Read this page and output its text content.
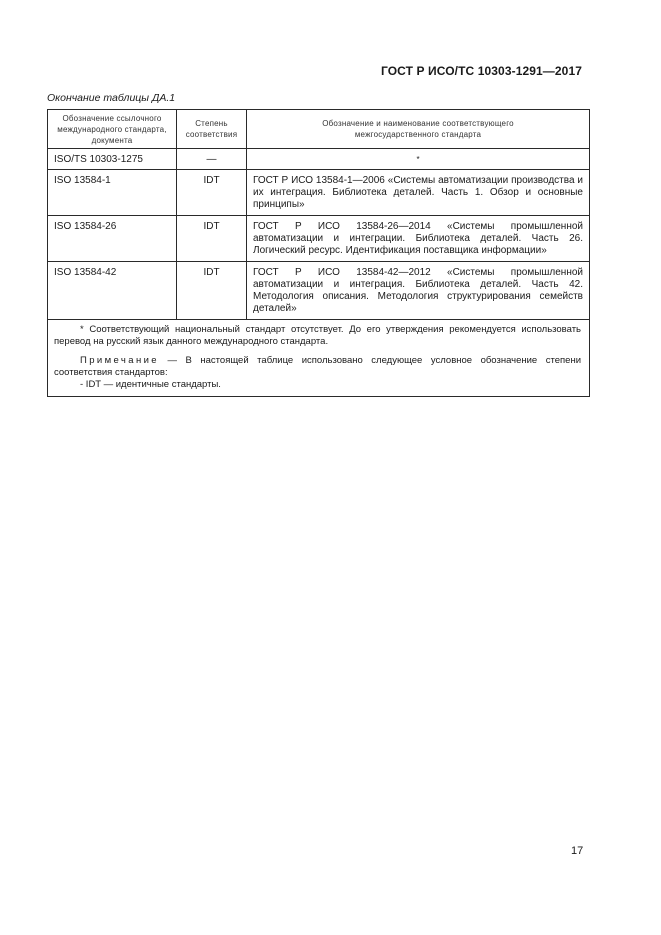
ГОСТ Р ИСО/ТС 10303-1291—2017
Окончание таблицы ДА.1
Обозначение ссылочного международного стандарта, документа	Степень соответствия	Обозначение и наименование соответствующего межгосударственного стандарта
ISO/TS 10303-1275	—	*
ISO 13584-1	IDT	ГОСТ Р ИСО 13584-1—2006 «Системы автоматизации производства и их интеграция. Библиотека деталей. Часть 1. Обзор и основные принципы»
ISO 13584-26	IDT	ГОСТ Р ИСО 13584-26—2014 «Системы промышленной автоматизации и интеграции. Библиотека деталей. Часть 26. Логический ресурс. Идентификация поставщика информации»
ISO 13584-42	IDT	ГОСТ Р ИСО 13584-42—2012 «Системы промышленной автоматизации и интеграция. Библиотека деталей. Часть 42. Методология описания. Методология структурирования семейств деталей»

* Соответствующий национальный стандарт отсутствует. До его утверждения рекомендуется использовать перевод на русский язык данного международного стандарта.

Примечание — В настоящей таблице использовано следующее условное обозначение степени соответствия стандартов:

- IDT — идентичные стандарты.		

17
